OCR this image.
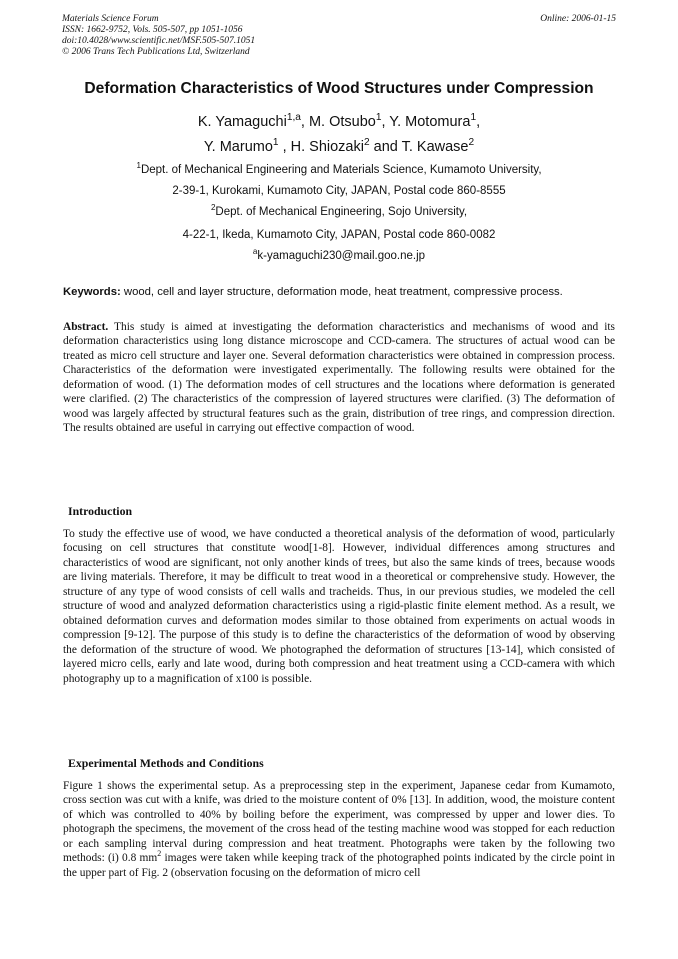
Materials Science Forum
ISSN: 1662-9752, Vols. 505-507, pp 1051-1056
doi:10.4028/www.scientific.net/MSF.505-507.1051
© 2006 Trans Tech Publications Ltd, Switzerland
Online: 2006-01-15
Deformation Characteristics of Wood Structures under Compression
K. Yamaguchi$^{1,a}$, M. Otsubo$^1$, Y. Motomura$^1$,
Y. Marumo$^1$ , H. Shiozaki$^2$ and T. Kawase$^2$
$^1$Dept. of Mechanical Engineering and Materials Science, Kumamoto University,
2-39-1, Kurokami, Kumamoto City, JAPAN, Postal code 860-8555
$^2$Dept. of Mechanical Engineering, Sojo University,
4-22-1, Ikeda, Kumamoto City, JAPAN, Postal code 860-0082
$^a$k-yamaguchi230@mail.goo.ne.jp
Keywords: wood, cell and layer structure, deformation mode, heat treatment, compressive process.
Abstract. This study is aimed at investigating the deformation characteristics and mechanisms of wood and its deformation characteristics using long distance microscope and CCD-camera. The structures of actual wood can be treated as micro cell structure and layer one. Several deformation characteristics were obtained in compression process. Characteristics of the deformation were investigated experimentally. The following results were obtained for the deformation of wood. (1) The deformation modes of cell structures and the locations where deformation is generated were clarified. (2) The characteristics of the compression of layered structures were clarified. (3) The deformation of wood was largely affected by structural features such as the grain, distribution of tree rings, and compression direction. The results obtained are useful in carrying out effective compaction of wood.
Introduction
To study the effective use of wood, we have conducted a theoretical analysis of the deformation of wood, particularly focusing on cell structures that constitute wood[1-8]. However, individual differences among structures and characteristics of wood are significant, not only another kinds of trees, but also the same kinds of trees, because woods are living materials. Therefore, it may be difficult to treat wood in a theoretical or comprehensive study. However, the structure of any type of wood consists of cell walls and tracheids. Thus, in our previous studies, we modeled the cell structure of wood and analyzed deformation characteristics using a rigid-plastic finite element method. As a result, we obtained deformation curves and deformation modes similar to those obtained from experiments on actual woods in compression [9-12]. The purpose of this study is to define the characteristics of the deformation of wood by observing the deformation of the structure of wood. We photographed the deformation of structures [13-14], which consisted of layered micro cells, early and late wood, during both compression and heat treatment using a CCD-camera with which photography up to a magnification of x100 is possible.
Experimental Methods and Conditions
Figure 1 shows the experimental setup. As a preprocessing step in the experiment, Japanese cedar from Kumamoto, cross section was cut with a knife, was dried to the moisture content of 0% [13]. In addition, wood, the moisture content of which was controlled to 40% by boiling before the experiment, was compressed by upper and lower dies. To photograph the specimens, the movement of the cross head of the testing machine wood was stopped for each reduction or each sampling interval during compression and heat treatment. Photographs were taken by the following two methods: (i) 0.8 $mm^2$ images were taken while keeping track of the photographed points indicated by the circle point in the upper part of Fig. 2 (observation focusing on the deformation of micro cell
